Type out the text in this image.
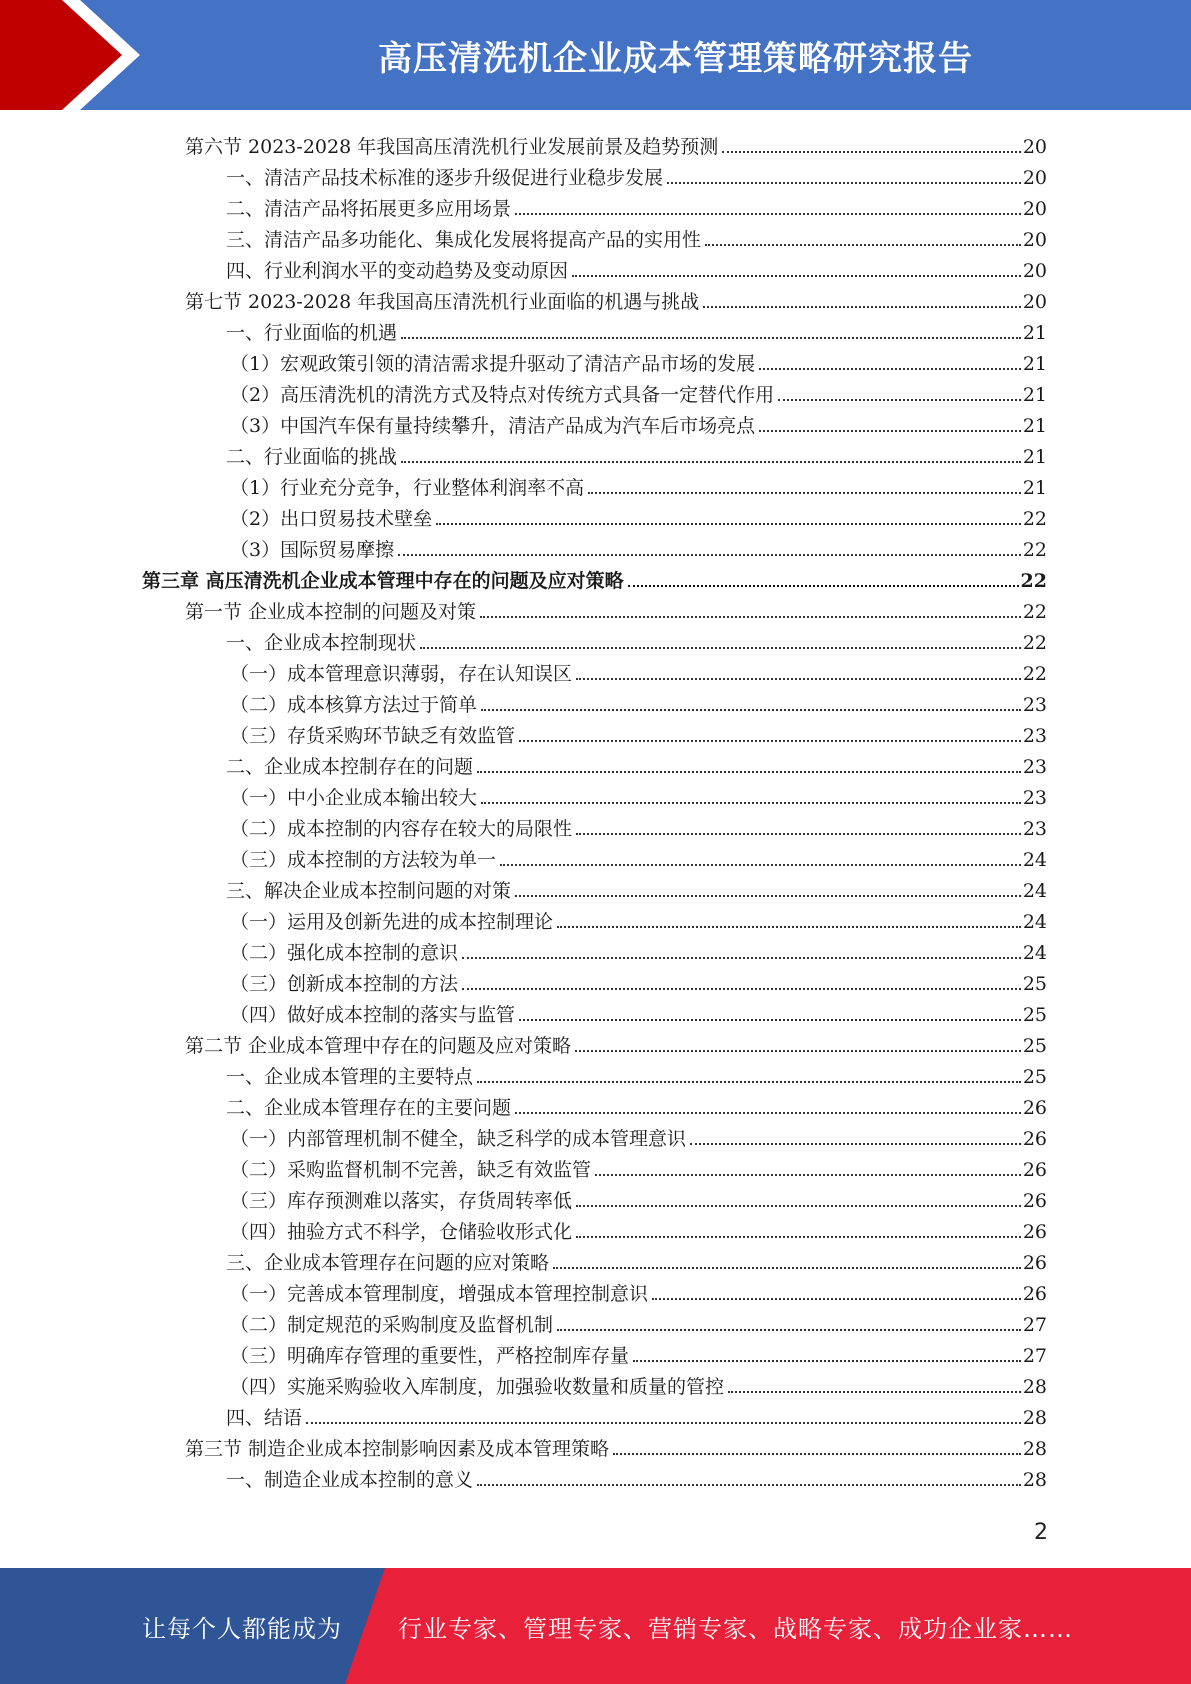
高压清洗机企业成本管理策略研究报告
第六节 2023-2028 年我国高压清洗机行业发展前景及趋势预测	20
一、清洁产品技术标准的逐步升级促进行业稳步发展	20
二、清洁产品将拓展更多应用场景	20
三、清洁产品多功能化、集成化发展将提高产品的实用性	20
四、行业利润水平的变动趋势及变动原因	20
第七节 2023-2028 年我国高压清洗机行业面临的机遇与挑战	20
一、行业面临的机遇	21
（1）宏观政策引领的清洁需求提升驱动了清洁产品市场的发展	21
（2）高压清洗机的清洗方式及特点对传统方式具备一定替代作用	21
（3）中国汽车保有量持续攀升，清洁产品成为汽车后市场亮点	21
二、行业面临的挑战	21
（1）行业充分竞争，行业整体利润率不高	21
（2）出口贸易技术壁垒	22
（3）国际贸易摩擦	22
第三章 高压清洗机企业成本管理中存在的问题及应对策略	22
第一节 企业成本控制的问题及对策	22
一、企业成本控制现状	22
（一）成本管理意识薄弱，存在认知误区	22
（二）成本核算方法过于简单	23
（三）存货采购环节缺乏有效监管	23
二、企业成本控制存在的问题	23
（一）中小企业成本输出较大	23
（二）成本控制的内容存在较大的局限性	23
（三）成本控制的方法较为单一	24
三、解决企业成本控制问题的对策	24
（一）运用及创新先进的成本控制理论	24
（二）强化成本控制的意识	24
（三）创新成本控制的方法	25
（四）做好成本控制的落实与监管	25
第二节 企业成本管理中存在的问题及应对策略	25
一、企业成本管理的主要特点	25
二、企业成本管理存在的主要问题	26
（一）内部管理机制不健全，缺乏科学的成本管理意识	26
（二）采购监督机制不完善，缺乏有效监管	26
（三）库存预测难以落实，存货周转率低	26
（四）抽验方式不科学，仓储验收形式化	26
三、企业成本管理存在问题的应对策略	26
（一）完善成本管理制度，增强成本管理控制意识	26
（二）制定规范的采购制度及监督机制	27
（三）明确库存管理的重要性，严格控制库存量	27
（四）实施采购验收入库制度，加强验收数量和质量的管控	28
四、结语	28
第三节 制造企业成本控制影响因素及成本管理策略	28
一、制造企业成本控制的意义	28
2
让每个人都能成为 行业专家、管理专家、营销专家、战略专家、成功企业家……
